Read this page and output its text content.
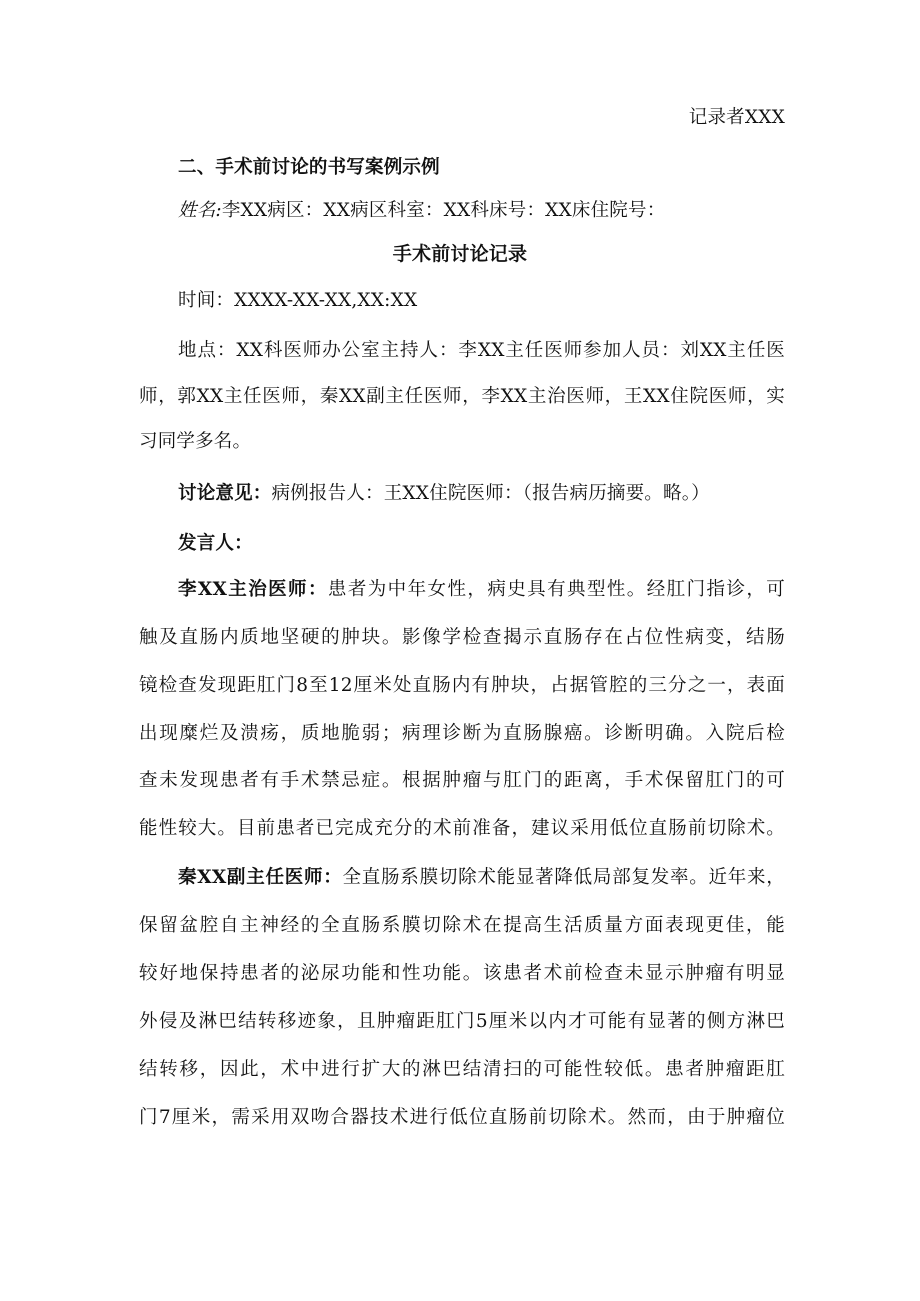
记录者XXX
二、手术前讨论的书写案例示例
姓名:李XX病区：XX病区科室：XX科床号：XX床住院号：
手术前讨论记录
时间：XXXX-XX-XX,XX:XX
地点：XX科医师办公室主持人：李XX主任医师参加人员：刘XX主任医
师，郭XX主任医师，秦XX副主任医师，李XX主治医师，王XX住院医师，实
习同学多名。
讨论意见：病例报告人：王XX住院医师：（报告病历摘要。略。）
发言人：
李XX主治医师：患者为中年女性，病史具有典型性。经肛门指诊，可
触及直肠内质地坚硬的肿块。影像学检查揭示直肠存在占位性病变，结肠
镜检查发现距肛门8至12厘米处直肠内有肿块，占据管腔的三分之一，表面
出现糜烂及溃疡，质地脆弱；病理诊断为直肠腺癌。诊断明确。入院后检
查未发现患者有手术禁忌症。根据肿瘤与肛门的距离，手术保留肛门的可
能性较大。目前患者已完成充分的术前准备，建议采用低位直肠前切除术。
秦XX副主任医师：全直肠系膜切除术能显著降低局部复发率。近年来，
保留盆腔自主神经的全直肠系膜切除术在提高生活质量方面表现更佳，能
较好地保持患者的泌尿功能和性功能。该患者术前检查未显示肿瘤有明显
外侵及淋巴结转移迹象，且肿瘤距肛门5厘米以内才可能有显著的侧方淋巴
结转移，因此，术中进行扩大的淋巴结清扫的可能性较低。患者肿瘤距肛
门7厘米，需采用双吻合器技术进行低位直肠前切除术。然而，由于肿瘤位
